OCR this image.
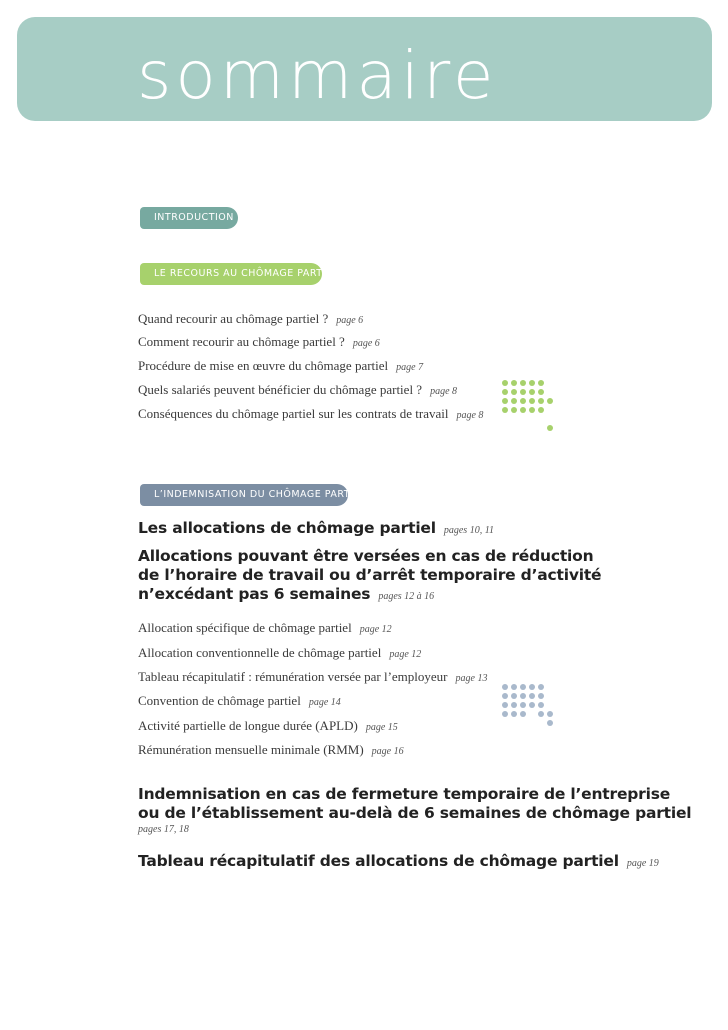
sommaire
INTRODUCTION
LE RECOURS AU CHÔMAGE PARTIEL
Quand recourir au chômage partiel ? page 6
Comment recourir au chômage partiel ? page 6
Procédure de mise en œuvre du chômage partiel page 7
Quels salariés peuvent bénéficier du chômage partiel ? page 8
Conséquences du chômage partiel sur les contrats de travail page 8
L’INDEMNISATION DU CHÔMAGE PARTIEL
Les allocations de chômage partiel pages 10, 11
Allocations pouvant être versées en cas de réduction
de l’horaire de travail ou d’arrêt temporaire d’activité
n’excédant pas 6 semaines pages 12 à 16
Allocation spécifique de chômage partiel page 12
Allocation conventionnelle de chômage partiel page 12
Tableau récapitulatif : rémunération versée par l’employeur page 13
Convention de chômage partiel page 14
Activité partielle de longue durée (APLD) page 15
Rémunération mensuelle minimale (RMM) page 16
Indemnisation en cas de fermeture temporaire de l’entreprise
ou de l’établissement au-delà de 6 semaines de chômage partiel
pages 17, 18
Tableau récapitulatif des allocations de chômage partiel page 19
